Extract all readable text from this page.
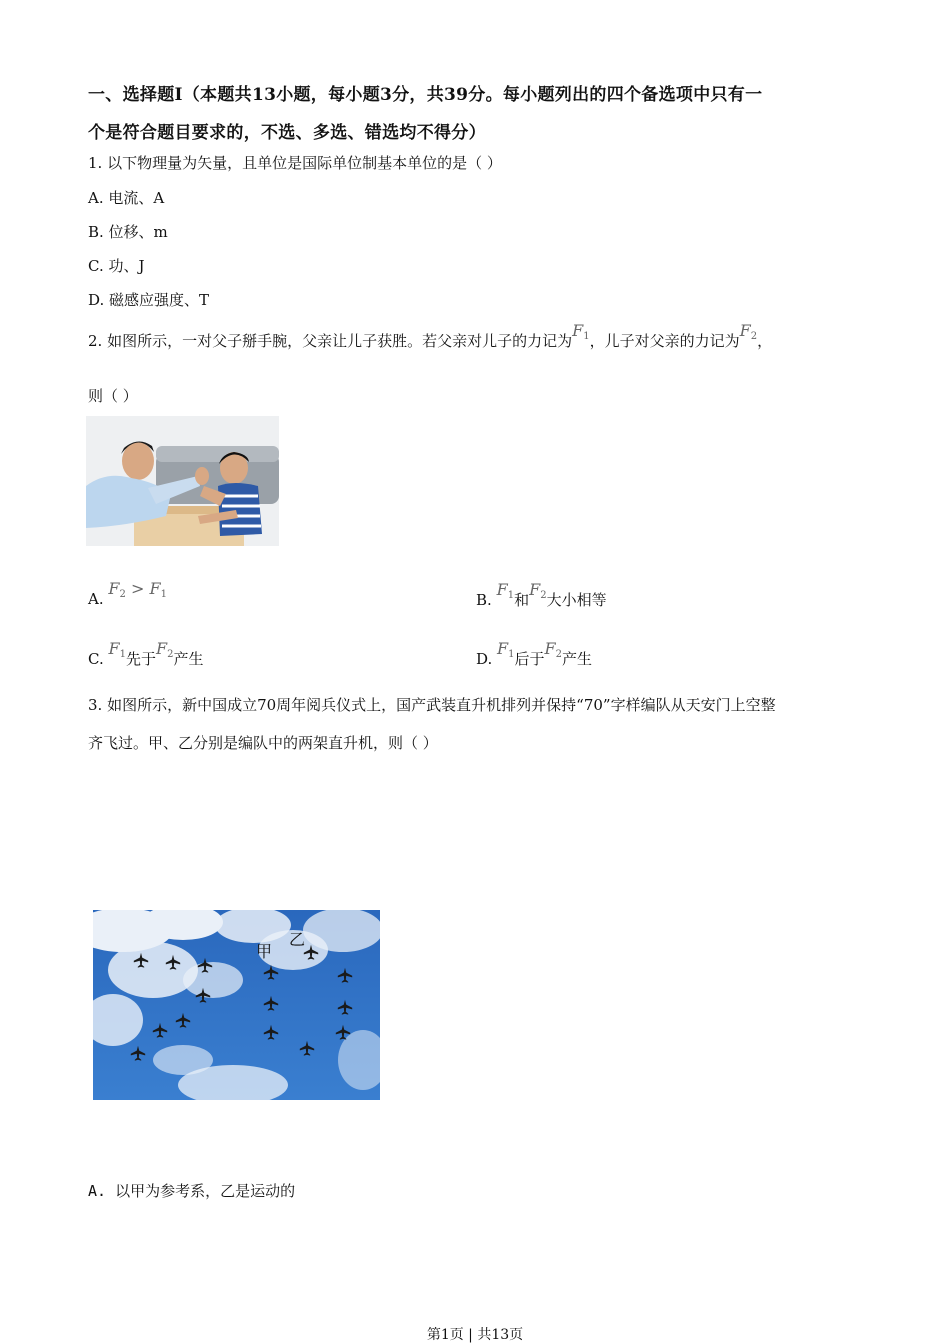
一、选择题Ⅰ（本题共13小题，每小题3分，共39分。每小题列出的四个备选项中只有一
个是符合题目要求的，不选、多选、错选均不得分）
1. 以下物理量为矢量，且单位是国际单位制基本单位的是（ ）
A. 电流、A
B. 位移、m
C. 功、J
D. 磁感应强度、T
2. 如图所示，一对父子掰手腕，父亲让儿子获胜。若父亲对儿子的力记为$F_1$，儿子对父亲的力记为$F_2$，
则（ ）
A. $F_2 > F_1$	B. $F_1$和$F_2$大小相等
C. $F_1$先于$F_2$产生	D. $F_1$后于$F_2$产生
3. 如图所示，新中国成立70周年阅兵仪式上，国产武装直升机排列并保持“70”字样编队从天安门上空整
齐飞过。甲、乙分别是编队中的两架直升机，则（ ）
甲
乙
A. 以甲为参考系，乙是运动的
第1页 | 共13页
